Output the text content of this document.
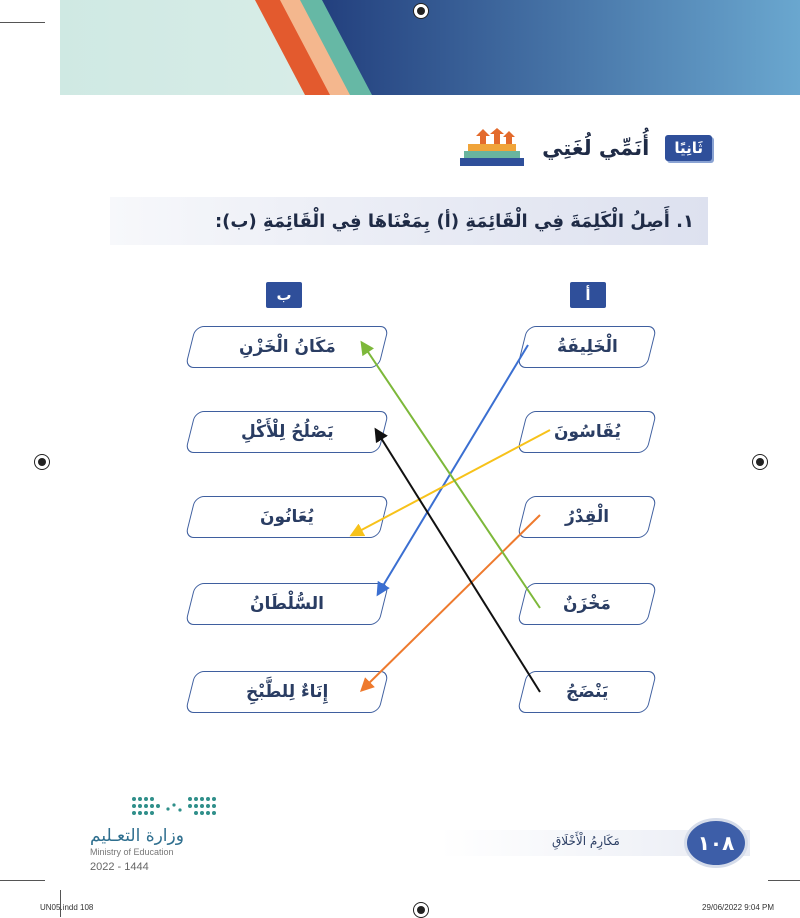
ثَانِيًا
أُنَمِّي لُغَتِي
١. أَصِلُ الْكَلِمَةَ فِي الْقَائِمَةِ (أ) بِمَعْنَاهَا فِي الْقَائِمَةِ (ب):
ب	أ
مَكَانُ الْخَزْنِ
يَصْلُحُ لِلْأَكْلِ
يُعَانُونَ
السُّلْطَانُ
إِنَاءٌ لِلطَّبْخِ
الْخَلِيفَةُ
يُقَاسُونَ
الْقِدْرُ
مَخْزَنٌ
يَنْضَجُ
وزارة التعـليم
Ministry of Education
2022 - 1444
مَكَارِمُ الْأَخْلَاقِ	١٠٨
UN05.indd 108	29/06/2022 9:04 PM
